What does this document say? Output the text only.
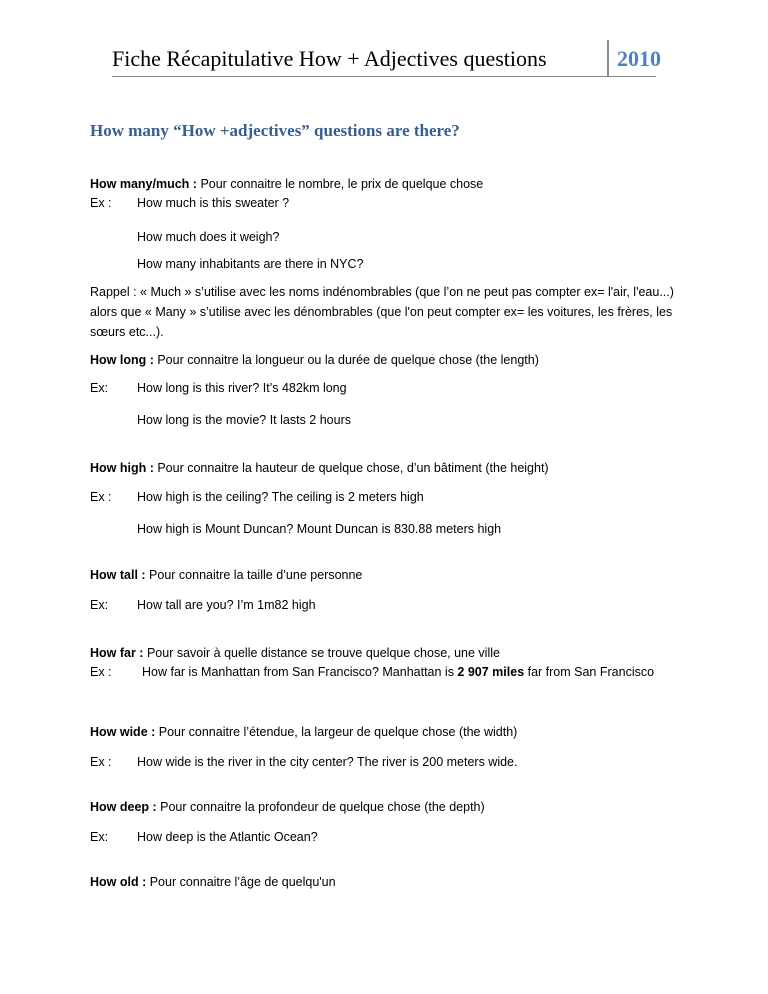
Fiche Récapitulative How + Adjectives questions	2010
How many “How +adjectives” questions are there?
How many/much : Pour connaitre le nombre, le prix de quelque chose
Ex : How much is this sweater ?
How much does it weigh?
How many inhabitants are there in NYC?
Rappel : « Much » s’utilise avec les noms indénombrables (que l’on ne peut pas compter ex= l'air, l'eau...) alors que « Many » s’utilise avec les dénombrables (que l'on peut compter ex= les voitures, les frères, les sœurs etc...).
How long : Pour connaitre la longueur ou la durée de quelque chose (the length)
Ex: How long is this river? It’s 482km long
How long is the movie? It lasts 2 hours
How high : Pour connaitre la hauteur de quelque chose, d’un bâtiment (the height)
Ex : How high is the ceiling? The ceiling is 2 meters high
How high is Mount Duncan? Mount Duncan is 830.88 meters high
How tall : Pour connaitre la taille d’une personne
Ex: How tall are you? I’m 1m82 high
How far : Pour savoir à quelle distance se trouve quelque chose, une ville
Ex : How far is Manhattan from San Francisco? Manhattan is 2 907 miles far from San Francisco
How wide : Pour connaitre l’étendue, la largeur de quelque chose (the width)
Ex : How wide is the river in the city center? The river is 200 meters wide.
How deep : Pour connaitre la profondeur de quelque chose (the depth)
Ex: How deep is the Atlantic Ocean?
How old : Pour connaitre l’âge de quelqu'un
